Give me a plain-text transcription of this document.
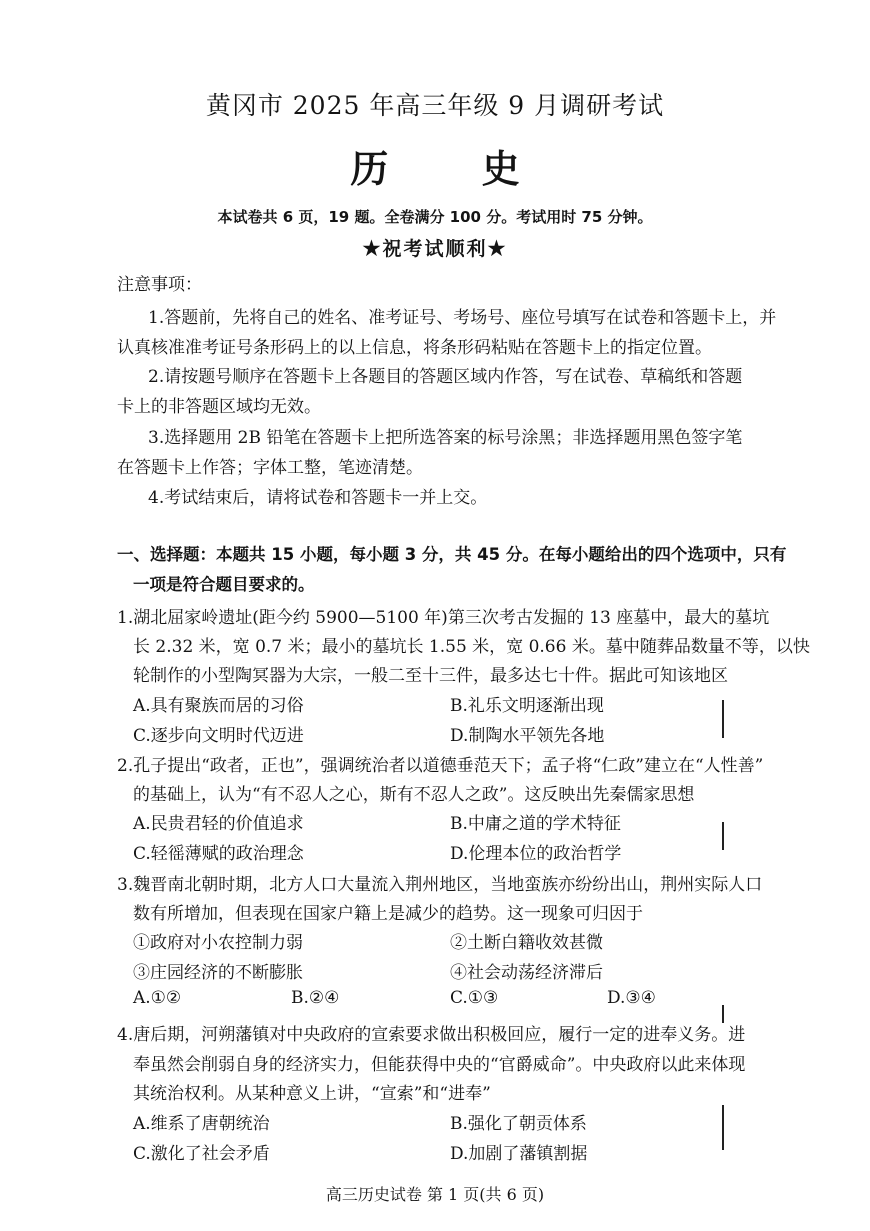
黄冈市 2025 年高三年级 9 月调研考试
历 史
本试卷共 6 页，19 题。全卷满分 100 分。考试用时 75 分钟。
★祝考试顺利★
注意事项：
1.答题前，先将自己的姓名、准考证号、考场号、座位号填写在试卷和答题卡上，并
认真核准准考证号条形码上的以上信息，将条形码粘贴在答题卡上的指定位置。
2.请按题号顺序在答题卡上各题目的答题区域内作答，写在试卷、草稿纸和答题
卡上的非答题区域均无效。
3.选择题用 2B 铅笔在答题卡上把所选答案的标号涂黑；非选择题用黑色签字笔
在答题卡上作答；字体工整，笔迹清楚。
4.考试结束后，请将试卷和答题卡一并上交。
一、选择题：本题共 15 小题，每小题 3 分，共 45 分。在每小题给出的四个选项中，只有
一项是符合题目要求的。
1.湖北屈家岭遗址(距今约 5900—5100 年)第三次考古发掘的 13 座墓中，最大的墓坑
长 2.32 米，宽 0.7 米；最小的墓坑长 1.55 米，宽 0.66 米。墓中随葬品数量不等，以快
轮制作的小型陶冥器为大宗，一般二至十三件，最多达七十件。据此可知该地区
A.具有聚族而居的习俗	B.礼乐文明逐渐出现
C.逐步向文明时代迈进	D.制陶水平领先各地
2.孔子提出“政者，正也”，强调统治者以道德垂范天下；孟子将“仁政”建立在“人性善”
的基础上，认为“有不忍人之心，斯有不忍人之政”。这反映出先秦儒家思想
A.民贵君轻的价值追求	B.中庸之道的学术特征
C.轻徭薄赋的政治理念	D.伦理本位的政治哲学
3.魏晋南北朝时期，北方人口大量流入荆州地区，当地蛮族亦纷纷出山，荆州实际人口
数有所增加，但表现在国家户籍上是减少的趋势。这一现象可归因于
①政府对小农控制力弱	②土断白籍收效甚微
③庄园经济的不断膨胀	④社会动荡经济滞后
A.①②	B.②④	C.①③	D.③④
4.唐后期，河朔藩镇对中央政府的宣索要求做出积极回应，履行一定的进奉义务。进
奉虽然会削弱自身的经济实力，但能获得中央的“官爵威命”。中央政府以此来体现
其统治权利。从某种意义上讲，“宣索”和“进奉”
A.维系了唐朝统治	B.强化了朝贡体系
C.激化了社会矛盾	D.加剧了藩镇割据
高三历史试卷 第 1 页(共 6 页)
